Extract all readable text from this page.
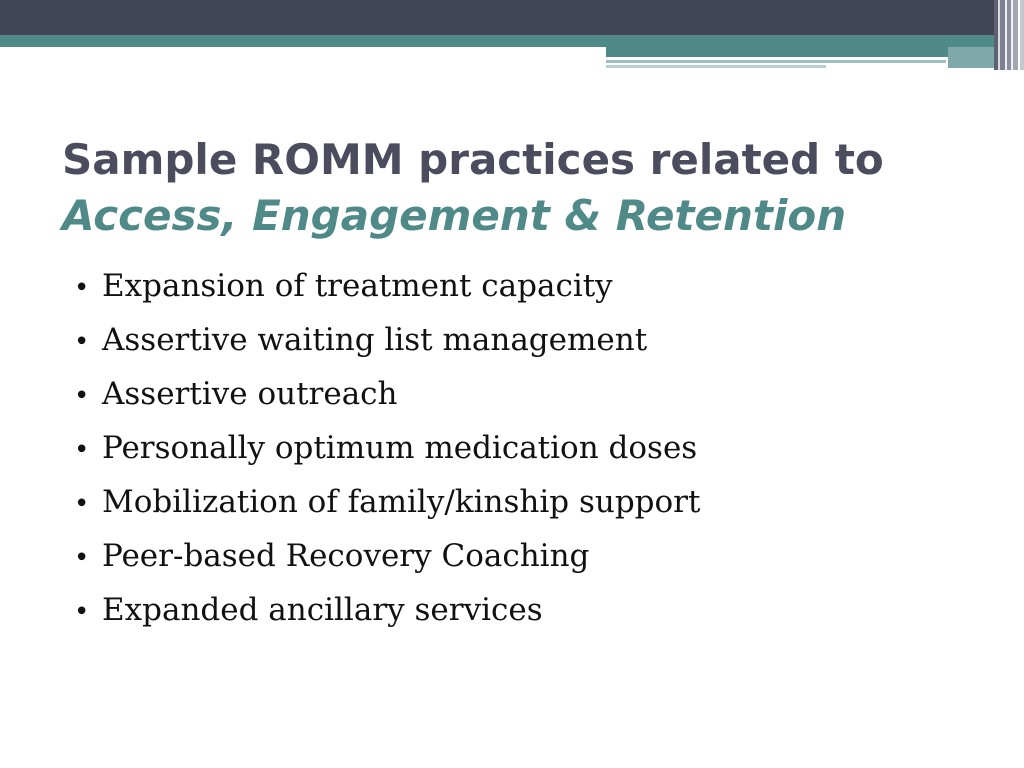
Sample ROMM practices related to
Access, Engagement & Retention
• Expansion of treatment capacity
• Assertive waiting list management
• Assertive outreach
• Personally optimum medication doses
• Mobilization of family/kinship support
• Peer-based Recovery Coaching
• Expanded ancillary services
